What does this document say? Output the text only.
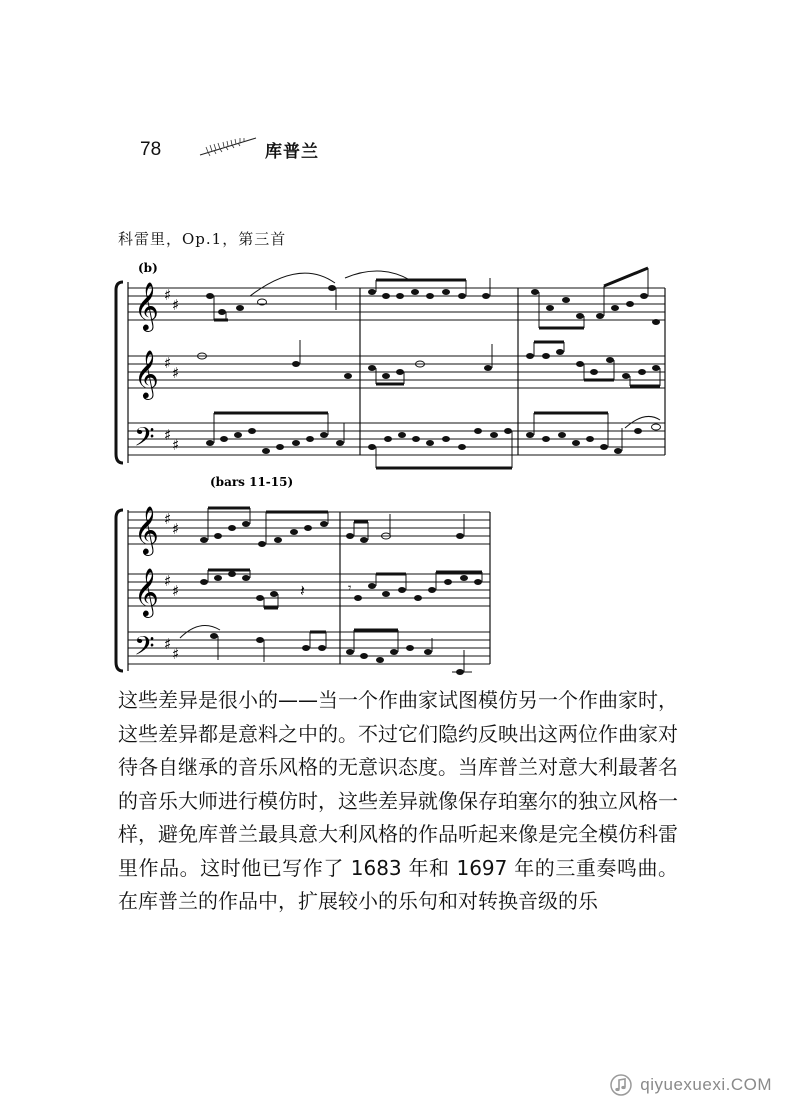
78	库普兰
科雷里，Op.1，第三首
(b)
𝄞
𝄞
𝄢
♯
♯
♯
♯
♯
♯
(bars 11-15)
𝄞
𝄞
𝄢
♯
♯
♯
♯
♯
♯
𝄽	𝄾

这些差异是很小的——当一个作曲家试图模仿另一个作曲家时，这些差异都是意料之中的。不过它们隐约反映出这两位作曲家对待各自继承的音乐风格的无意识态度。当库普兰对意大利最著名的音乐大师进行模仿时，这些差异就像保存珀塞尔的独立风格一样，避免库普兰最具意大利风格的作品听起来像是完全模仿科雷里作品。这时他已写作了 1683 年和 1697 年的三重奏鸣曲。在库普兰的作品中，扩展较小的乐句和对转换音级的乐

qiyuexuexi.COM
